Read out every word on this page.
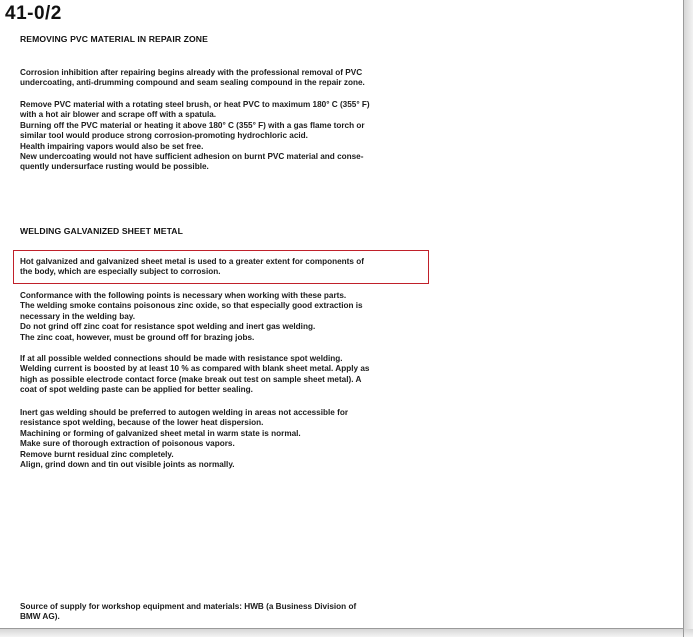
41-0/2
REMOVING PVC MATERIAL IN REPAIR ZONE
Corrosion inhibition after repairing begins already with the professional removal of PVC
undercoating, anti-drumming compound and seam sealing compound in the repair zone.
Remove PVC material with a rotating steel brush, or heat PVC to maximum 180° C (355° F)
with a hot air blower and scrape off with a spatula.
Burning off the PVC material or heating it above 180° C (355° F) with a gas flame torch or
similar tool would produce strong corrosion-promoting hydrochloric acid.
Health impairing vapors would also be set free.
New undercoating would not have sufficient adhesion on burnt PVC material and conse-
quently undersurface rusting would be possible.
WELDING GALVANIZED SHEET METAL
Hot galvanized and galvanized sheet metal is used to a greater extent for components of
the body, which are especially subject to corrosion.
Conformance with the following points is necessary when working with these parts.
The welding smoke contains poisonous zinc oxide, so that especially good extraction is
necessary in the welding bay.
Do not grind off zinc coat for resistance spot welding and inert gas welding.
The zinc coat, however, must be ground off for brazing jobs.
If at all possible welded connections should be made with resistance spot welding.
Welding current is boosted by at least 10 % as compared with blank sheet metal. Apply as
high as possible electrode contact force (make break out test on sample sheet metal). A
coat of spot welding paste can be applied for better sealing.
Inert gas welding should be preferred to autogen welding in areas not accessible for
resistance spot welding, because of the lower heat dispersion.
Machining or forming of galvanized sheet metal in warm state is normal.
Make sure of thorough extraction of poisonous vapors.
Remove burnt residual zinc completely.
Align, grind down and tin out visible joints as normally.
Source of supply for workshop equipment and materials: HWB (a Business Division of
BMW AG).
